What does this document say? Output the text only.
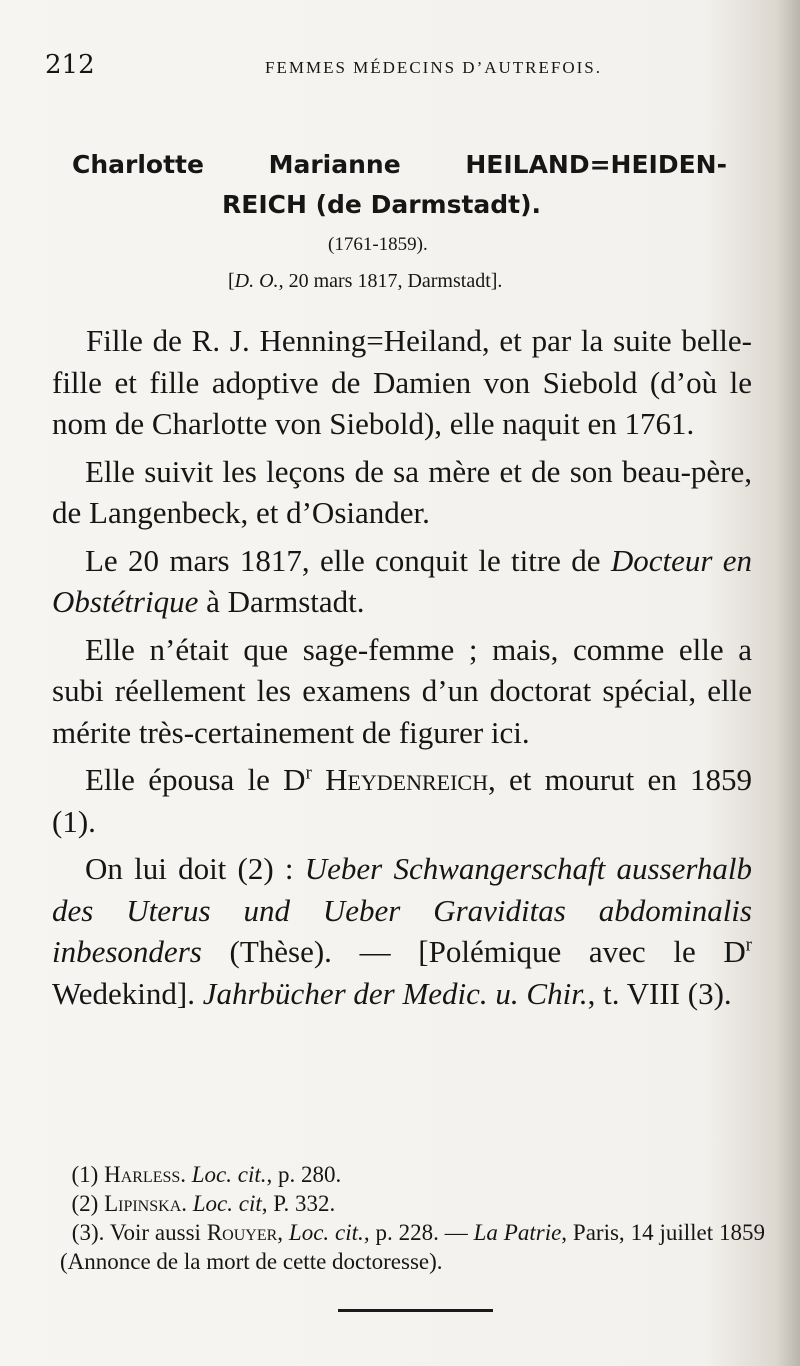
212	FEMMES MÉDECINS D’AUTREFOIS.
Charlotte	Marianne	HEILAND=HEIDEN-
REICH (de Darmstadt).
(1761-1859).
[D. O., 20 mars 1817, Darmstadt].

Fille de R. J. Henning=Heiland, et par la suite belle-fille et fille adoptive de Damien von Siebold (d’où le nom de Charlotte von Siebold), elle naquit en 1761.

Elle suivit les leçons de sa mère et de son beau-père, de Langenbeck, et d’Osiander.

Le 20 mars 1817, elle conquit le titre de Docteur en Obstétrique à Darmstadt.

Elle n’était que sage-femme ; mais, comme elle a subi réellement les examens d’un doctorat spécial, elle mérite très-certainement de figurer ici.

Elle épousa le $D^r$ Heydenreich, et mourut en 1859 (1).

On lui doit (2) : Ueber Schwangerschaft ausserhalb des Uterus und Ueber Graviditas abdominalis inbesonders (Thèse). — [Polémique avec le $D^r$ Wedekind]. Jahrbücher der Medic. u. Chir., t. VIII (3).

(1) Harless. Loc. cit., p. 280.
(2) Lipinska. Loc. cit, P. 332.
(3). Voir aussi Rouyer, Loc. cit., p. 228. — La Patrie, Paris, 14 juillet 1859 (Annonce de la mort de cette doctoresse).
